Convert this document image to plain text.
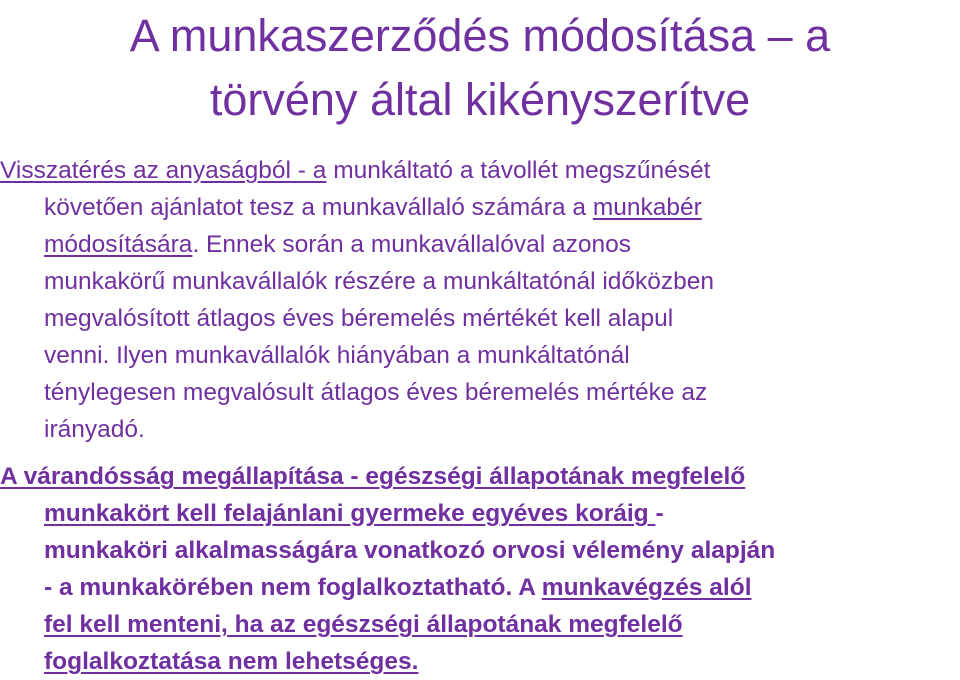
A munkaszerződés módosítása – a
törvény által kikényszerítve
Visszatérés az anyaságból - a munkáltató a távollét megszűnését
követően ajánlatot tesz a munkavállaló számára a munkabér
módosítására. Ennek során a munkavállalóval azonos
munkakörű munkavállalók részére a munkáltatónál időközben
megvalósított átlagos éves béremelés mértékét kell alapul
venni. Ilyen munkavállalók hiányában a munkáltatónál
ténylegesen megvalósult átlagos éves béremelés mértéke az
irányadó.
A várandósság megállapítása - egészségi állapotának megfelelő
munkakört kell felajánlani gyermeke egyéves koráig -
munkaköri alkalmasságára vonatkozó orvosi vélemény alapján
- a munkakörében nem foglalkoztatható. A munkavégzés alól
fel kell menteni, ha az egészségi állapotának megfelelő
foglalkoztatása nem lehetséges.
